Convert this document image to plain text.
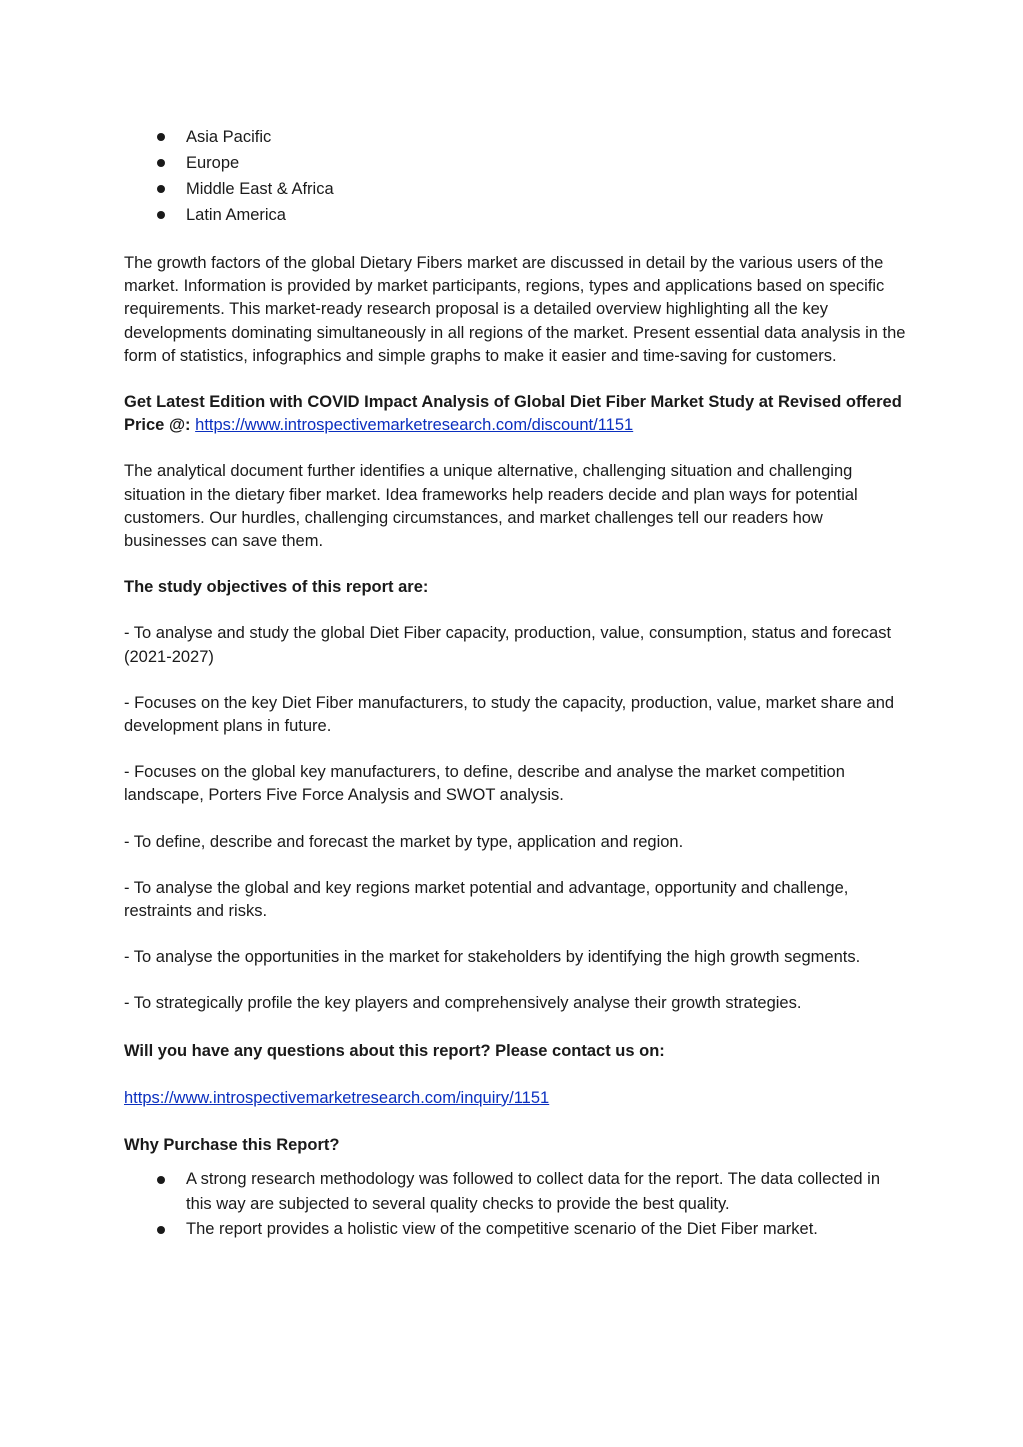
Asia Pacific
Europe
Middle East & Africa
Latin America

The growth factors of the global Dietary Fibers market are discussed in detail by the various users of the market. Information is provided by market participants, regions, types and applications based on specific requirements. This market-ready research proposal is a detailed overview highlighting all the key developments dominating simultaneously in all regions of the market. Present essential data analysis in the form of statistics, infographics and simple graphs to make it easier and time-saving for customers.

Get Latest Edition with COVID Impact Analysis of Global Diet Fiber Market Study at Revised offered Price @: https://www.introspectivemarketresearch.com/discount/1151

The analytical document further identifies a unique alternative, challenging situation and challenging situation in the dietary fiber market. Idea frameworks help readers decide and plan ways for potential customers. Our hurdles, challenging circumstances, and market challenges tell our readers how businesses can save them.

The study objectives of this report are:

- To analyse and study the global Diet Fiber capacity, production, value, consumption, status and forecast (2021-2027)

- Focuses on the key Diet Fiber manufacturers, to study the capacity, production, value, market share and development plans in future.

- Focuses on the global key manufacturers, to define, describe and analyse the market competition landscape, Porters Five Force Analysis and SWOT analysis.

- To define, describe and forecast the market by type, application and region.

- To analyse the global and key regions market potential and advantage, opportunity and challenge, restraints and risks.

- To analyse the opportunities in the market for stakeholders by identifying the high growth segments.

- To strategically profile the key players and comprehensively analyse their growth strategies.

Will you have any questions about this report? Please contact us on:

https://www.introspectivemarketresearch.com/inquiry/1151

Why Purchase this Report?

A strong research methodology was followed to collect data for the report. The data collected in this way are subjected to several quality checks to provide the best quality.
The report provides a holistic view of the competitive scenario of the Diet Fiber market.
